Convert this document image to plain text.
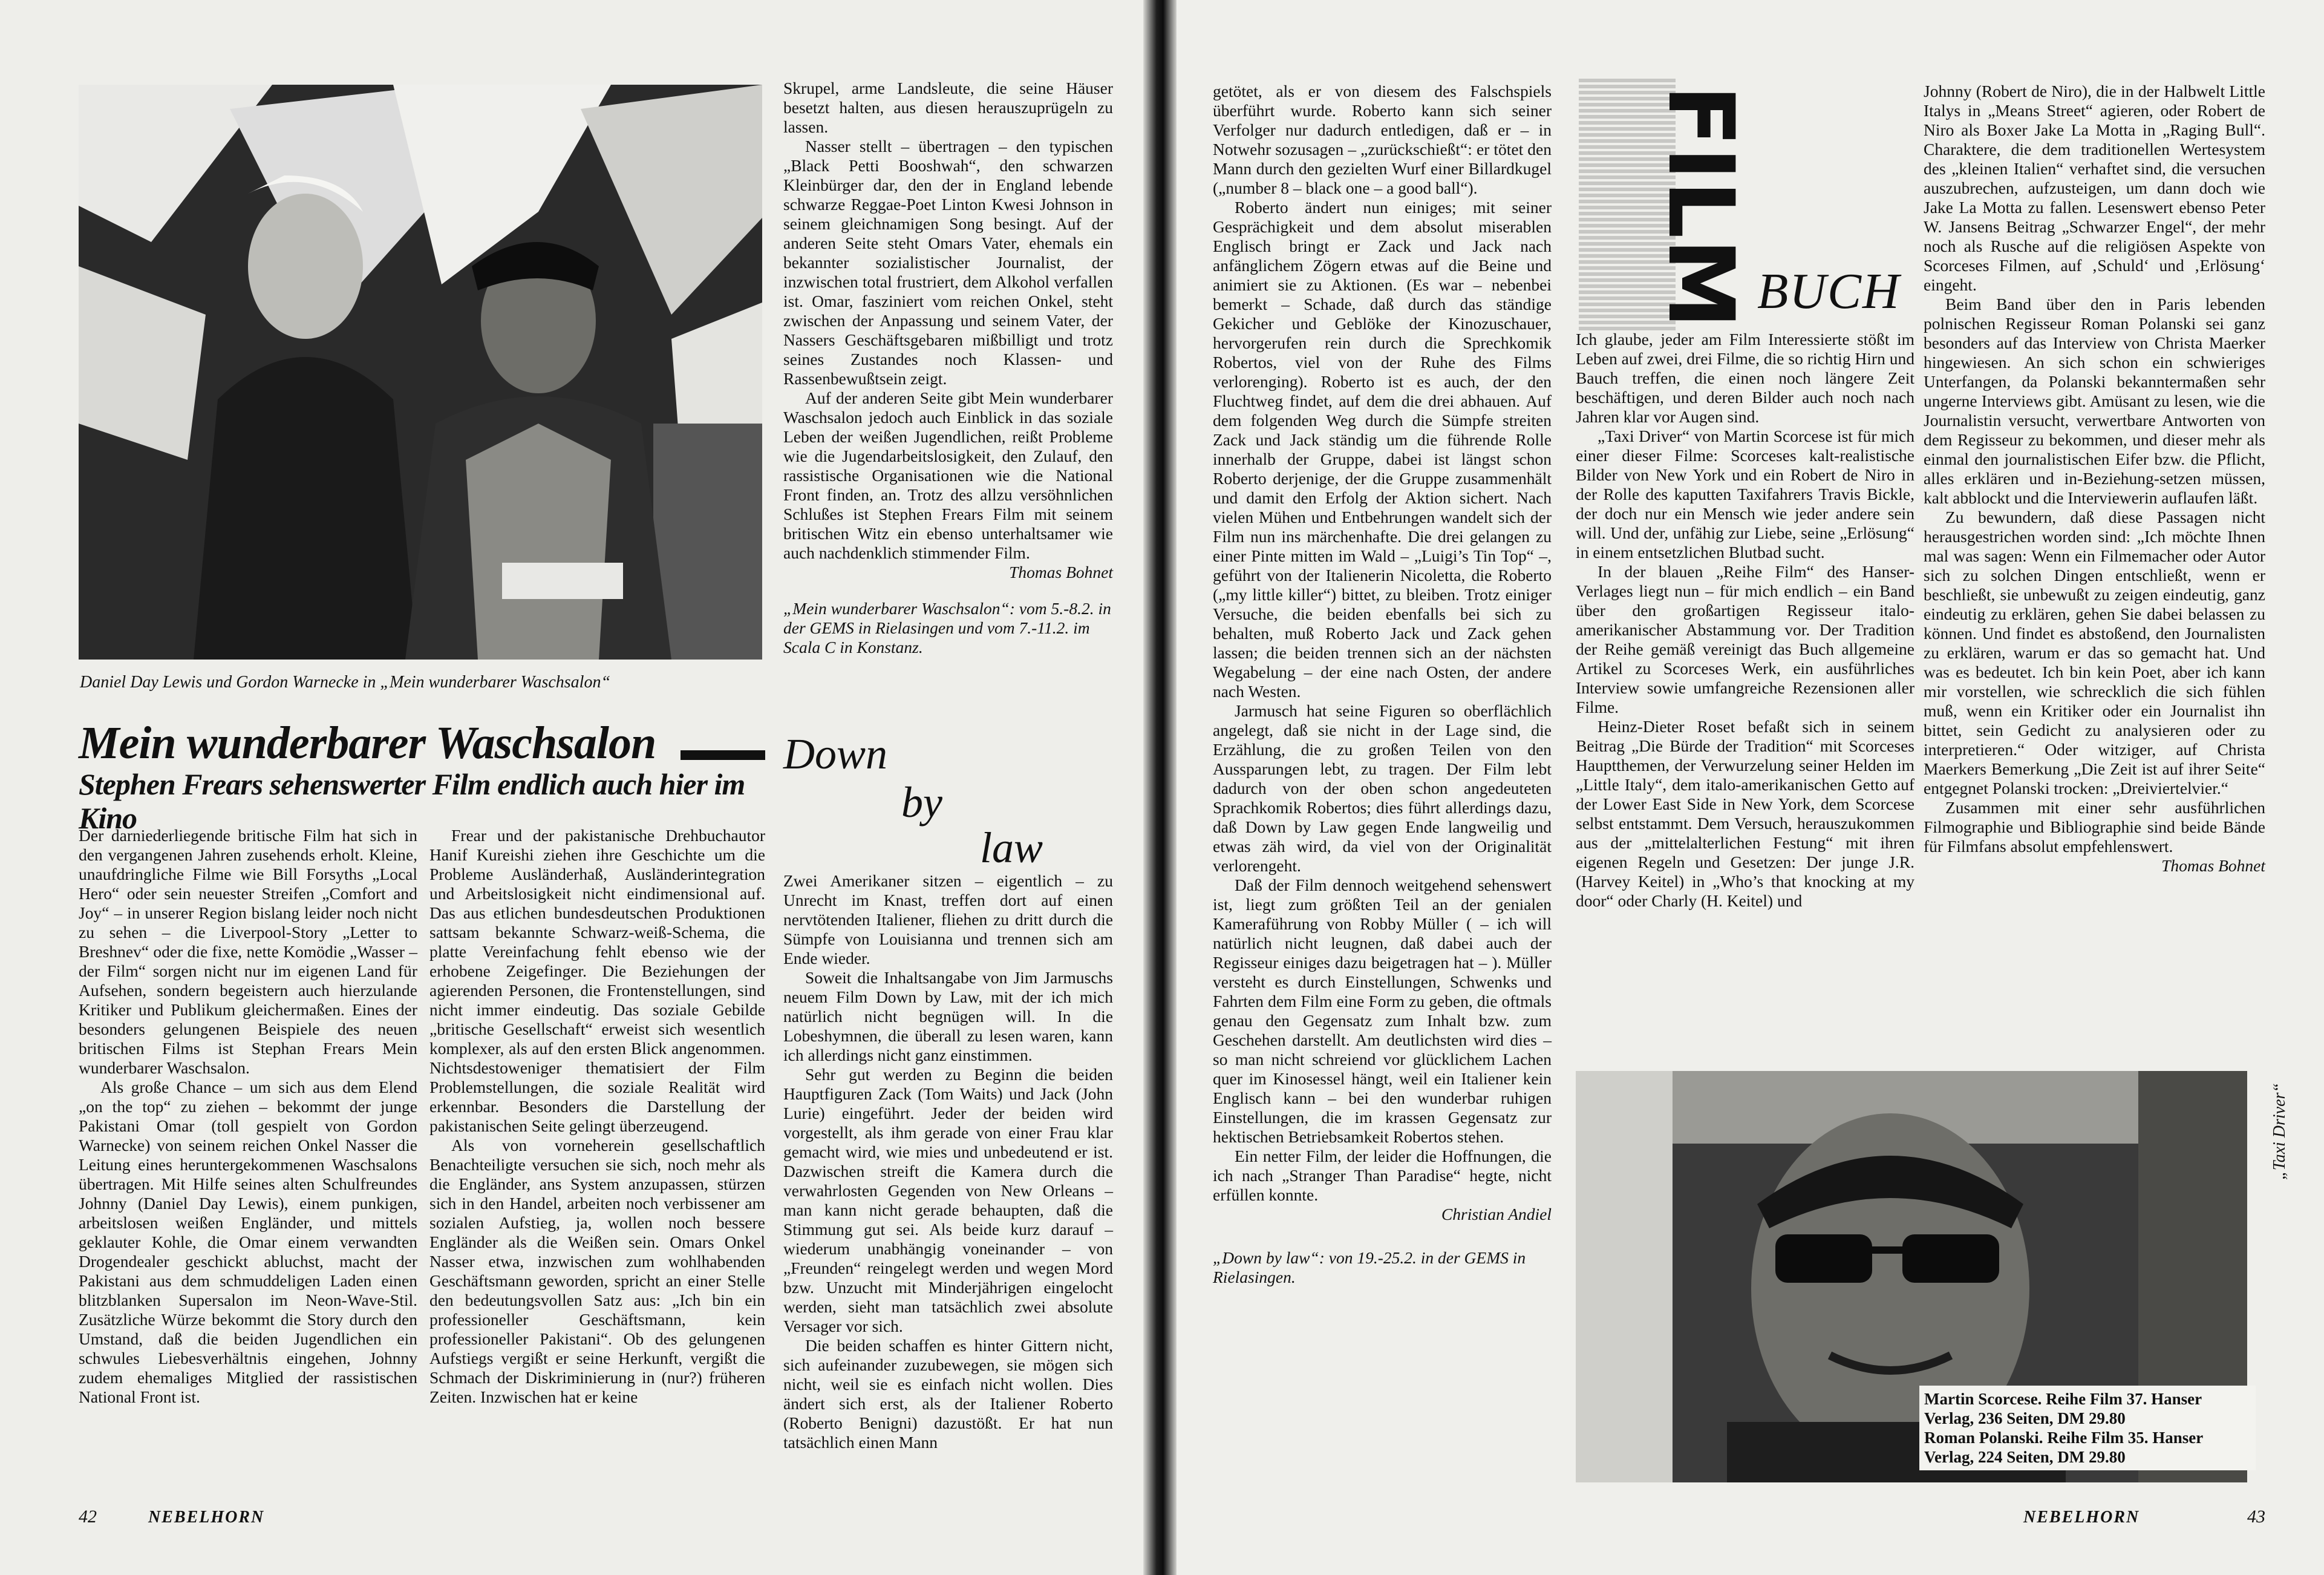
Daniel Day Lewis und Gordon Warnecke in „Mein wunderbarer Waschsalon“
Mein wunderbarer Waschsalon
Stephen Frears sehenswerter Film endlich auch hier im Kino

Der darniederliegende britische Film hat sich in den vergangenen Jahren zusehends erholt. Kleine, unaufdringliche Filme wie Bill Forsyths „Local Hero“ oder sein neuester Streifen „Comfort and Joy“ – in unserer Region bislang leider noch nicht zu sehen – die Liverpool-Story „Letter to Breshnev“ oder die fixe, nette Komödie „Wasser – der Film“ sorgen nicht nur im eigenen Land für Aufsehen, sondern begeistern auch hierzulande Kritiker und Publikum gleichermaßen. Eines der besonders gelungenen Beispiele des neuen britischen Films ist Stephan Frears Mein wunderbarer Waschsalon.

Als große Chance – um sich aus dem Elend „on the top“ zu ziehen – bekommt der junge Pakistani Omar (toll gespielt von Gordon Warnecke) von seinem reichen Onkel Nasser die Leitung eines heruntergekommenen Waschsalons übertragen. Mit Hilfe seines alten Schulfreundes Johnny (Daniel Day Lewis), einem punkigen, arbeitslosen weißen Engländer, und mittels geklauter Kohle, die Omar einem verwandten Drogendealer geschickt abluchst, macht der Pakistani aus dem schmuddeligen Laden einen blitzblanken Supersalon im Neon-Wave-Stil. Zusätzliche Würze bekommt die Story durch den Umstand, daß die beiden Jugendlichen ein schwules Liebesverhältnis eingehen, Johnny zudem ehemaliges Mitglied der rassistischen National Front ist.

Frear und der pakistanische Drehbuchautor Hanif Kureishi ziehen ihre Geschichte um die Probleme Ausländerhaß, Ausländerintegration und Arbeitslosigkeit nicht eindimensional auf. Das aus etlichen bundesdeutschen Produktionen sattsam bekannte Schwarz-weiß-Schema, die platte Vereinfachung fehlt ebenso wie der erhobene Zeigefinger. Die Beziehungen der agierenden Personen, die Frontenstellungen, sind nicht immer eindeutig. Das soziale Gebilde „britische Gesellschaft“ erweist sich wesentlich komplexer, als auf den ersten Blick angenommen. Nichtsdestoweniger thematisiert der Film Problemstellungen, die soziale Realität wird erkennbar. Besonders die Darstellung der pakistanischen Seite gelingt überzeugend.

Als von vorneherein gesellschaftlich Benachteiligte versuchen sie sich, noch mehr als die Engländer, ans System anzupassen, stürzen sich in den Handel, arbeiten noch verbissener am sozialen Aufstieg, ja, wollen noch bessere Engländer als die Weißen sein. Omars Onkel Nasser etwa, inzwischen zum wohlhabenden Geschäftsmann geworden, spricht an einer Stelle den bedeutungsvollen Satz aus: „Ich bin ein professioneller Geschäftsmann, kein professioneller Pakistani“. Ob des gelungenen Aufstiegs vergißt er seine Herkunft, vergißt die Schmach der Diskriminierung in (nur?) früheren Zeiten. Inzwischen hat er keine

Skrupel, arme Landsleute, die seine Häuser besetzt halten, aus diesen herauszuprügeln zu lassen.

Nasser stellt – übertragen – den typischen „Black Petti Booshwah“, den schwarzen Kleinbürger dar, den der in England lebende schwarze Reggae-Poet Linton Kwesi Johnson in seinem gleichnamigen Song besingt. Auf der anderen Seite steht Omars Vater, ehemals ein bekannter sozialistischer Journalist, der inzwischen total frustriert, dem Alkohol verfallen ist. Omar, fasziniert vom reichen Onkel, steht zwischen der Anpassung und seinem Vater, der Nassers Geschäftsgebaren mißbilligt und trotz seines Zustandes noch Klassen- und Rassenbewußtsein zeigt.

Auf der anderen Seite gibt Mein wunderbarer Waschsalon jedoch auch Einblick in das soziale Leben der weißen Jugendlichen, reißt Probleme wie die Jugendarbeitslosigkeit, den Zulauf, den rassistische Organisationen wie die National Front finden, an. Trotz des allzu versöhnlichen Schlußes ist Stephen Frears Film mit seinem britischen Witz ein ebenso unterhaltsamer wie auch nachdenklich stimmender Film.

Thomas Bohnet

„Mein wunderbarer Waschsalon“: vom 5.-8.2. in der GEMS in Rielasingen und vom 7.-11.2. im Scala C in Konstanz.

Down
by
law

Zwei Amerikaner sitzen – eigentlich – zu Unrecht im Knast, treffen dort auf einen nervtötenden Italiener, fliehen zu dritt durch die Sümpfe von Louisianna und trennen sich am Ende wieder.

Soweit die Inhaltsangabe von Jim Jarmuschs neuem Film Down by Law, mit der ich mich natürlich nicht begnügen will. In die Lobeshymnen, die überall zu lesen waren, kann ich allerdings nicht ganz einstimmen.

Sehr gut werden zu Beginn die beiden Hauptfiguren Zack (Tom Waits) und Jack (John Lurie) eingeführt. Jeder der beiden wird vorgestellt, als ihm gerade von einer Frau klar gemacht wird, wie mies und unbedeutend er ist. Dazwischen streift die Kamera durch die verwahrlosten Gegenden von New Orleans – man kann nicht gerade behaupten, daß die Stimmung gut sei. Als beide kurz darauf – wiederum unabhängig voneinander – von „Freunden“ reingelegt werden und wegen Mord bzw. Unzucht mit Minderjährigen eingelocht werden, sieht man tatsächlich zwei absolute Versager vor sich.

Die beiden schaffen es hinter Gittern nicht, sich aufeinander zuzubewegen, sie mögen sich nicht, weil sie es einfach nicht wollen. Dies ändert sich erst, als der Italiener Roberto (Roberto Benigni) dazustößt. Er hat nun tatsächlich einen Mann

42	NEBELHORN

getötet, als er von diesem des Falschspiels überführt wurde. Roberto kann sich seiner Verfolger nur dadurch entledigen, daß er – in Notwehr sozusagen – „zurückschießt“: er tötet den Mann durch den gezielten Wurf einer Billardkugel („number 8 – black one – a good ball“).

Roberto ändert nun einiges; mit seiner Gesprächigkeit und dem absolut miserablen Englisch bringt er Zack und Jack nach anfänglichem Zögern etwas auf die Beine und animiert sie zu Aktionen. (Es war – nebenbei bemerkt – Schade, daß durch das ständige Gekicher und Geblöke der Kinozuschauer, hervorgerufen rein durch die Sprechkomik Robertos, viel von der Ruhe des Films verlorenging). Roberto ist es auch, der den Fluchtweg findet, auf dem die drei abhauen. Auf dem folgenden Weg durch die Sümpfe streiten Zack und Jack ständig um die führende Rolle innerhalb der Gruppe, dabei ist längst schon Roberto derjenige, der die Gruppe zusammenhält und damit den Erfolg der Aktion sichert. Nach vielen Mühen und Entbehrungen wandelt sich der Film nun ins märchenhafte. Die drei gelangen zu einer Pinte mitten im Wald – „Luigi’s Tin Top“ –, geführt von der Italienerin Nicoletta, die Roberto („my little killer“) bittet, zu bleiben. Trotz einiger Versuche, die beiden ebenfalls bei sich zu behalten, muß Roberto Jack und Zack gehen lassen; die beiden trennen sich an der nächsten Wegabelung – der eine nach Osten, der andere nach Westen.

Jarmusch hat seine Figuren so oberflächlich angelegt, daß sie nicht in der Lage sind, die Erzählung, die zu großen Teilen von den Aussparungen lebt, zu tragen. Der Film lebt dadurch von der oben schon angedeuteten Sprachkomik Robertos; dies führt allerdings dazu, daß Down by Law gegen Ende langweilig und etwas zäh wird, da viel von der Originalität verlorengeht.

Daß der Film dennoch weitgehend sehenswert ist, liegt zum größten Teil an der genialen Kameraführung von Robby Müller ( – ich will natürlich nicht leugnen, daß dabei auch der Regisseur einiges dazu beigetragen hat – ). Müller versteht es durch Einstellungen, Schwenks und Fahrten dem Film eine Form zu geben, die oftmals genau den Gegensatz zum Inhalt bzw. zum Geschehen darstellt. Am deutlichsten wird dies – so man nicht schreiend vor glücklichem Lachen quer im Kinosessel hängt, weil ein Italiener kein Englisch kann – bei den wunderbar ruhigen Einstellungen, die im krassen Gegensatz zur hektischen Betriebsamkeit Robertos stehen.

Ein netter Film, der leider die Hoffnungen, die ich nach „Stranger Than Paradise“ hegte, nicht erfüllen konnte.

Christian Andiel

„Down by law“: von 19.-25.2. in der GEMS in Rielasingen.

FILM BUCH

Ich glaube, jeder am Film Interessierte stößt im Leben auf zwei, drei Filme, die so richtig Hirn und Bauch treffen, die einen noch längere Zeit beschäftigen, und deren Bilder auch noch nach Jahren klar vor Augen sind.

„Taxi Driver“ von Martin Scorcese ist für mich einer dieser Filme: Scorceses kalt-realistische Bilder von New York und ein Robert de Niro in der Rolle des kaputten Taxifahrers Travis Bickle, der doch nur ein Mensch wie jeder andere sein will. Und der, unfähig zur Liebe, seine „Erlösung“ in einem entsetzlichen Blutbad sucht.

In der blauen „Reihe Film“ des Hanser-Verlages liegt nun – für mich endlich – ein Band über den großartigen Regisseur italo-amerikanischer Abstammung vor. Der Tradition der Reihe gemäß vereinigt das Buch allgemeine Artikel zu Scorceses Werk, ein ausführliches Interview sowie umfangreiche Rezensionen aller Filme.

Heinz-Dieter Roset befaßt sich in seinem Beitrag „Die Bürde der Tradition“ mit Scorceses Hauptthemen, der Verwurzelung seiner Helden im „Little Italy“, dem italo-amerikanischen Getto auf der Lower East Side in New York, dem Scorcese selbst entstammt. Dem Versuch, herauszukommen aus der „mittelalterlichen Festung“ mit ihren eigenen Regeln und Gesetzen: Der junge J.R. (Harvey Keitel) in „Who’s that knocking at my door“ oder Charly (H. Keitel) und

Johnny (Robert de Niro), die in der Halbwelt Little Italys in „Means Street“ agieren, oder Robert de Niro als Boxer Jake La Motta in „Raging Bull“. Charaktere, die dem traditionellen Wertesystem des „kleinen Italien“ verhaftet sind, die versuchen auszubrechen, aufzusteigen, um dann doch wie Jake La Motta zu fallen. Lesenswert ebenso Peter W. Jansens Beitrag „Schwarzer Engel“, der mehr noch als Rusche auf die religiösen Aspekte von Scorceses Filmen, auf ‚Schuld‘ und ‚Erlösung‘ eingeht.

Beim Band über den in Paris lebenden polnischen Regisseur Roman Polanski sei ganz besonders auf das Interview von Christa Maerker hingewiesen. An sich schon ein schwieriges Unterfangen, da Polanski bekanntermaßen sehr ungerne Interviews gibt. Amüsant zu lesen, wie die Journalistin versucht, verwertbare Antworten von dem Regisseur zu bekommen, und dieser mehr als einmal den journalistischen Eifer bzw. die Pflicht, alles erklären und in-Beziehung-setzen müssen, kalt abblockt und die Interviewerin auflaufen läßt.

Zu bewundern, daß diese Passagen nicht herausgestrichen worden sind: „Ich möchte Ihnen mal was sagen: Wenn ein Filmemacher oder Autor sich zu solchen Dingen entschließt, wenn er beschließt, sie unbewußt zu zeigen eindeutig, ganz eindeutig zu erklären, gehen Sie dabei belassen zu können. Und findet es abstoßend, den Journalisten zu erklären, warum er das so gemacht hat. Und was es bedeutet. Ich bin kein Poet, aber ich kann mir vorstellen, wie schrecklich die sich fühlen muß, wenn ein Kritiker oder ein Journalist ihn bittet, sein Gedicht zu analysieren oder zu interpretieren.“ Oder witziger, auf Christa Maerkers Bemerkung „Die Zeit ist auf ihrer Seite“ entgegnet Polanski trocken: „Dreiviertelvier.“

Zusammen mit einer sehr ausführlichen Filmographie und Bibliographie sind beide Bände für Filmfans absolut empfehlenswert.

Thomas Bohnet

Martin Scorcese. Reihe Film 37. Hanser Verlag, 236 Seiten, DM 29.80
Roman Polanski. Reihe Film 35. Hanser Verlag, 224 Seiten, DM 29.80
„Taxi Driver“
NEBELHORN	43
